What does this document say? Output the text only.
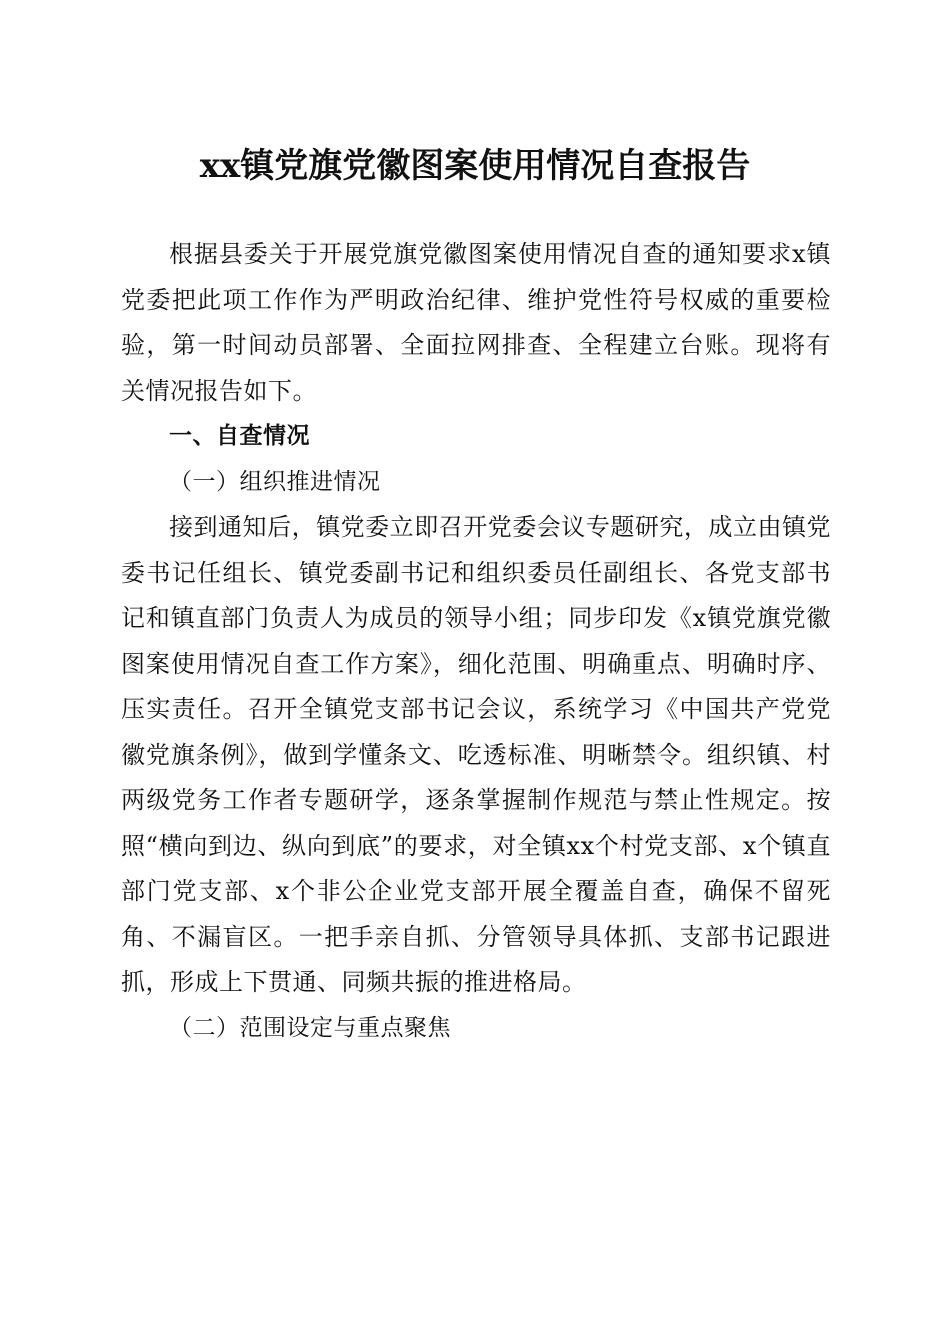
xx镇党旗党徽图案使用情况自查报告

根据县委关于开展党旗党徽图案使用情况自查的通知要求x镇党委把此项工作作为严明政治纪律、维护党性符号权威的重要检验，第一时间动员部署、全面拉网排查、全程建立台账。现将有关情况报告如下。

一、自查情况

（一）组织推进情况

接到通知后，镇党委立即召开党委会议专题研究，成立由镇党委书记任组长、镇党委副书记和组织委员任副组长、各党支部书记和镇直部门负责人为成员的领导小组；同步印发《x镇党旗党徽图案使用情况自查工作方案》，细化范围、明确重点、明确时序、压实责任。召开全镇党支部书记会议，系统学习《中国共产党党徽党旗条例》，做到学懂条文、吃透标准、明晰禁令。组织镇、村两级党务工作者专题研学，逐条掌握制作规范与禁止性规定。按照“横向到边、纵向到底”的要求，对全镇xx个村党支部、x个镇直部门党支部、x个非公企业党支部开展全覆盖自查，确保不留死角、不漏盲区。一把手亲自抓、分管领导具体抓、支部书记跟进抓，形成上下贯通、同频共振的推进格局。

（二）范围设定与重点聚焦
